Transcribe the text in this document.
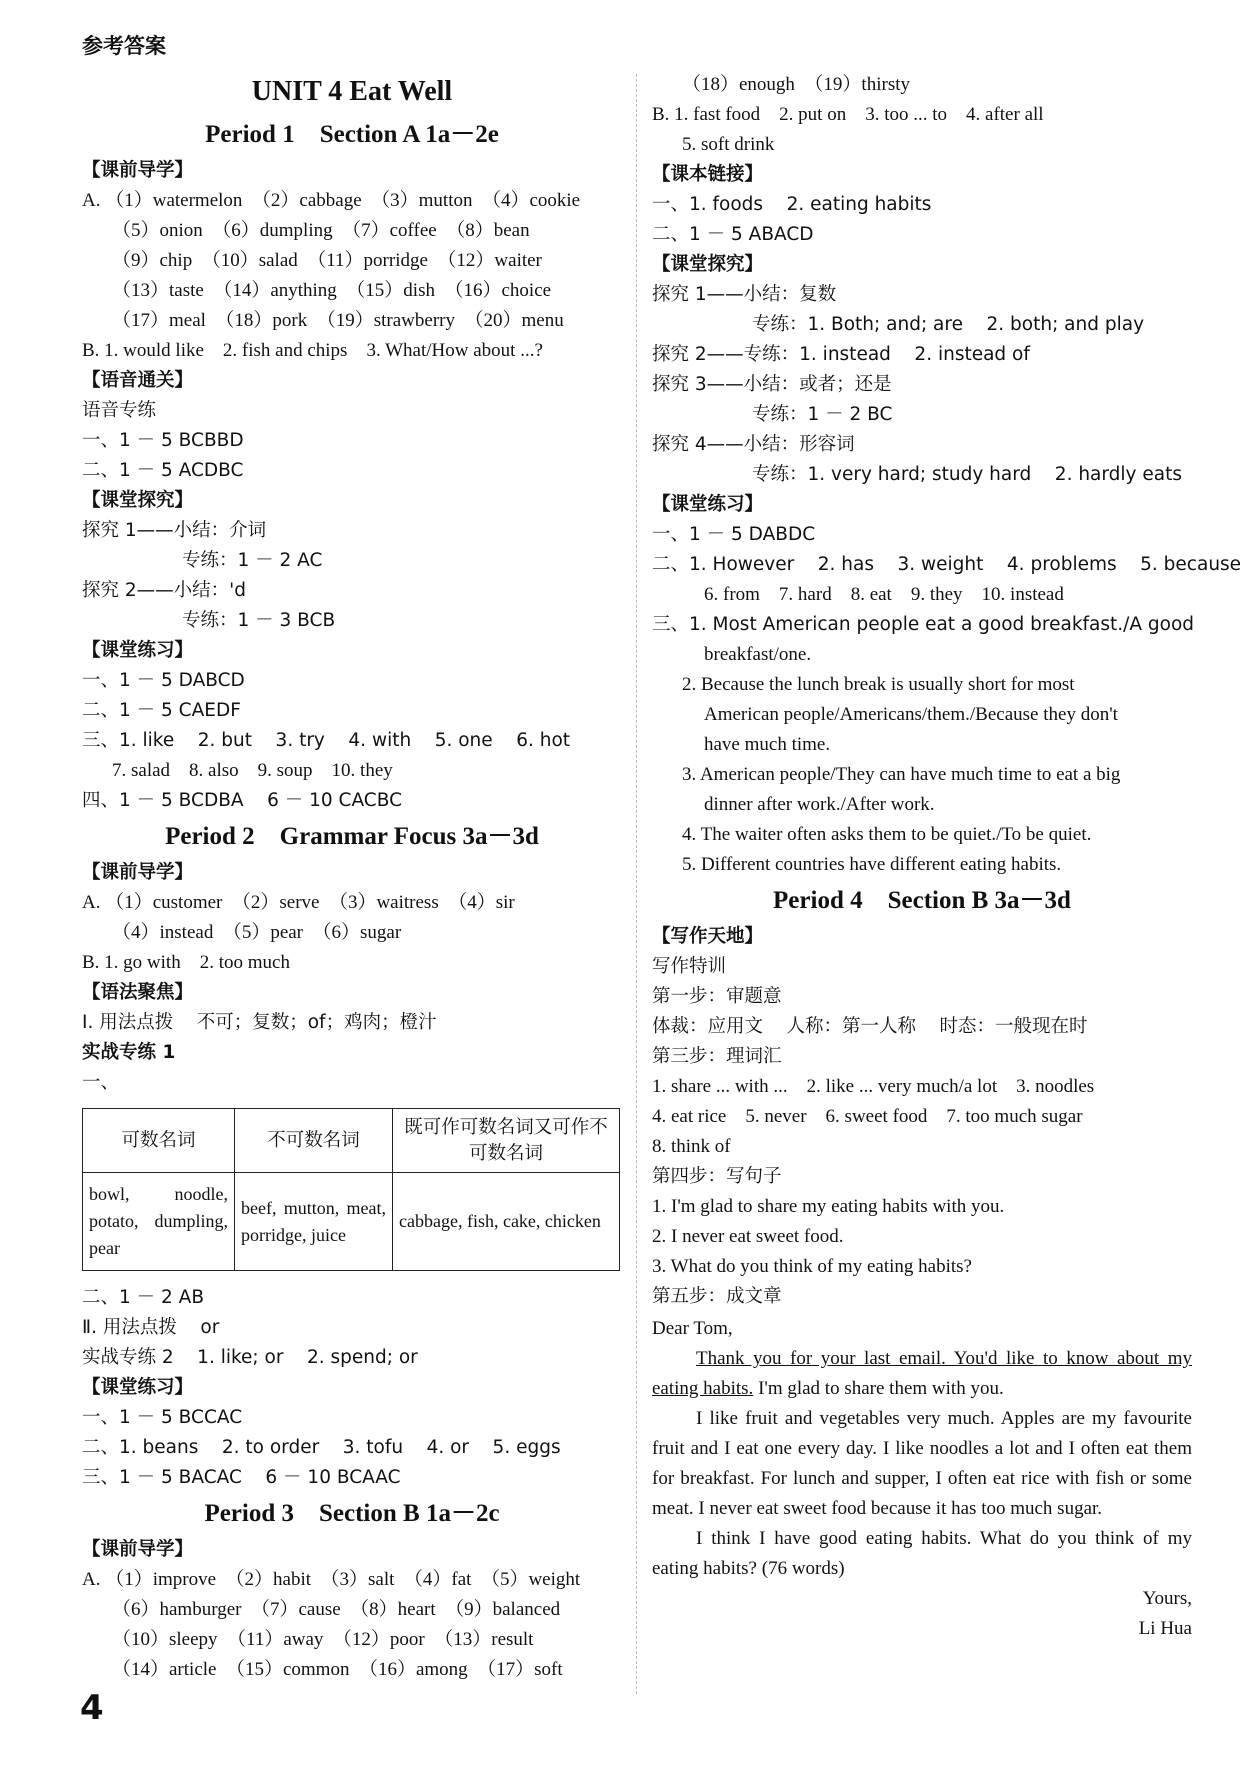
参考答案
UNIT 4 Eat Well
Period 1    Section A 1a－2e
【课前导学】
A. （1）watermelon  （2）cabbage  （3）mutton  （4）cookie
（5）onion  （6）dumpling  （7）coffee  （8）bean
（9）chip  （10）salad  （11）porridge  （12）waiter
（13）taste  （14）anything  （15）dish  （16）choice
（17）meal  （18）pork  （19）strawberry  （20）menu
B. 1. would like    2. fish and chips    3. What/How about ...?
【语音通关】
语音专练
一、1 － 5 BCBBD
二、1 － 5 ACDBC
【课堂探究】
探究 1——小结：介词
专练：1 － 2 AC
探究 2——小结：'d
专练：1 － 3 BCB
【课堂练习】
一、1 － 5 DABCD
二、1 － 5 CAEDF
三、1. like    2. but    3. try    4. with    5. one    6. hot
7. salad    8. also    9. soup    10. they
四、1 － 5 BCDBA    6 － 10 CACBC
Period 2    Grammar Focus 3a－3d
【课前导学】
A. （1）customer  （2）serve  （3）waitress  （4）sir
（4）instead  （5）pear  （6）sugar
B. 1. go with    2. too much
【语法聚焦】
Ⅰ. 用法点拨    不可；复数；of；鸡肉；橙汁
实战专练 1
一、
可数名词	不可数名词	既可作可数名词又可作不可数名词
bowl, noodle, potato, dumpling, pear	beef, mutton, meat, porridge, juice	cabbage, fish, cake, chicken
二、1 － 2 AB
Ⅱ. 用法点拨    or
实战专练 2    1. like; or    2. spend; or
【课堂练习】
一、1 － 5 BCCAC
二、1. beans    2. to order    3. tofu    4. or    5. eggs
三、1 － 5 BACAC    6 － 10 BCAAC
Period 3    Section B 1a－2c
【课前导学】
A. （1）improve  （2）habit  （3）salt  （4）fat  （5）weight
（6）hamburger  （7）cause  （8）heart  （9）balanced
（10）sleepy  （11）away  （12）poor  （13）result
（14）article  （15）common  （16）among  （17）soft
（18）enough  （19）thirsty
B. 1. fast food    2. put on    3. too ... to    4. after all
5. soft drink
【课本链接】
一、1. foods    2. eating habits
二、1 － 5 ABACD
【课堂探究】
探究 1——小结：复数
专练：1. Both; and; are    2. both; and play
探究 2——专练：1. instead    2. instead of
探究 3——小结：或者；还是
专练：1 － 2 BC
探究 4——小结：形容词
专练：1. very hard; study hard    2. hardly eats
【课堂练习】
一、1 － 5 DABDC
二、1. However    2. has    3. weight    4. problems    5. because
6. from    7. hard    8. eat    9. they    10. instead
三、1. Most American people eat a good breakfast./A good
breakfast/one.
2. Because the lunch break is usually short for most
American people/Americans/them./Because they don't
have much time.
3. American people/They can have much time to eat a big
dinner after work./After work.
4. The waiter often asks them to be quiet./To be quiet.
5. Different countries have different eating habits.
Period 4    Section B 3a－3d
【写作天地】
写作特训
第一步：审题意
体裁：应用文    人称：第一人称    时态：一般现在时
第三步：理词汇
1. share ... with ...    2. like ... very much/a lot    3. noodles
4. eat rice    5. never    6. sweet food    7. too much sugar
8. think of
第四步：写句子
1. I'm glad to share my eating habits with you.
2. I never eat sweet food.
3. What do you think of my eating habits?
第五步：成文章

Dear Tom,

Thank you for your last email. You'd like to know about my eating habits. I'm glad to share them with you.

I like fruit and vegetables very much. Apples are my favourite fruit and I eat one every day. I like noodles a lot and I often eat them for breakfast. For lunch and supper, I often eat rice with fish or some meat. I never eat sweet food because it has too much sugar.

I think I have good eating habits. What do you think of my eating habits? (76 words)

Yours,
Li Hua
4
